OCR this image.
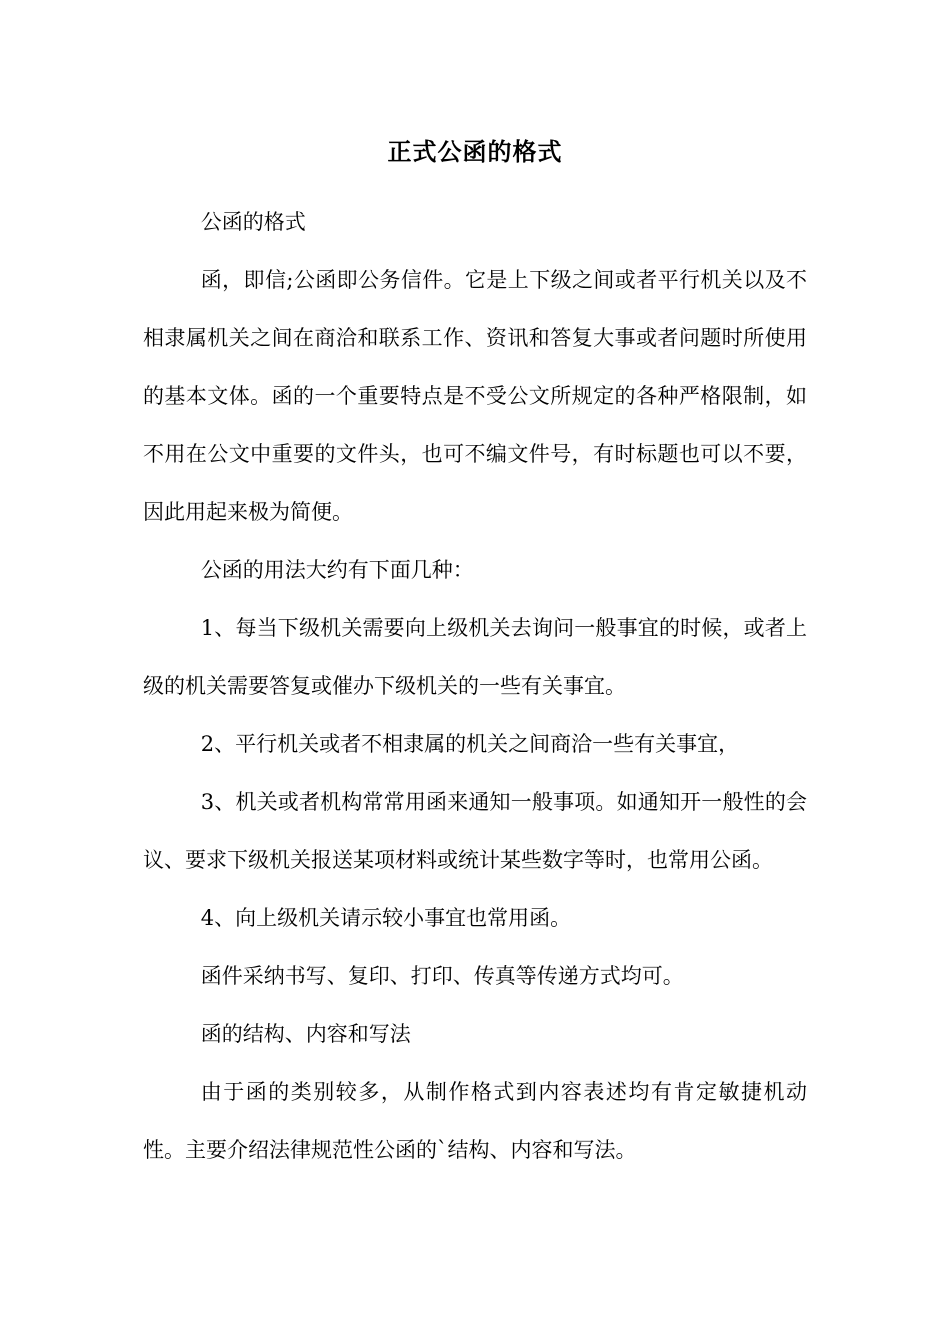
正式公函的格式

公函的格式

函，即信;公函即公务信件。它是上下级之间或者平行机关以及不相隶属机关之间在商洽和联系工作、资讯和答复大事或者问题时所使用的基本文体。函的一个重要特点是不受公文所规定的各种严格限制，如不用在公文中重要的文件头，也可不编文件号，有时标题也可以不要，因此用起来极为简便。

公函的用法大约有下面几种：

1、每当下级机关需要向上级机关去询问一般事宜的时候，或者上级的机关需要答复或催办下级机关的一些有关事宜。

2、平行机关或者不相隶属的机关之间商洽一些有关事宜，

3、机关或者机构常常用函来通知一般事项。如通知开一般性的会议、要求下级机关报送某项材料或统计某些数字等时，也常用公函。

4、向上级机关请示较小事宜也常用函。

函件采纳书写、复印、打印、传真等传递方式均可。

函的结构、内容和写法

由于函的类别较多，从制作格式到内容表述均有肯定敏捷机动性。主要介绍法律规范性公函的`结构、内容和写法。
